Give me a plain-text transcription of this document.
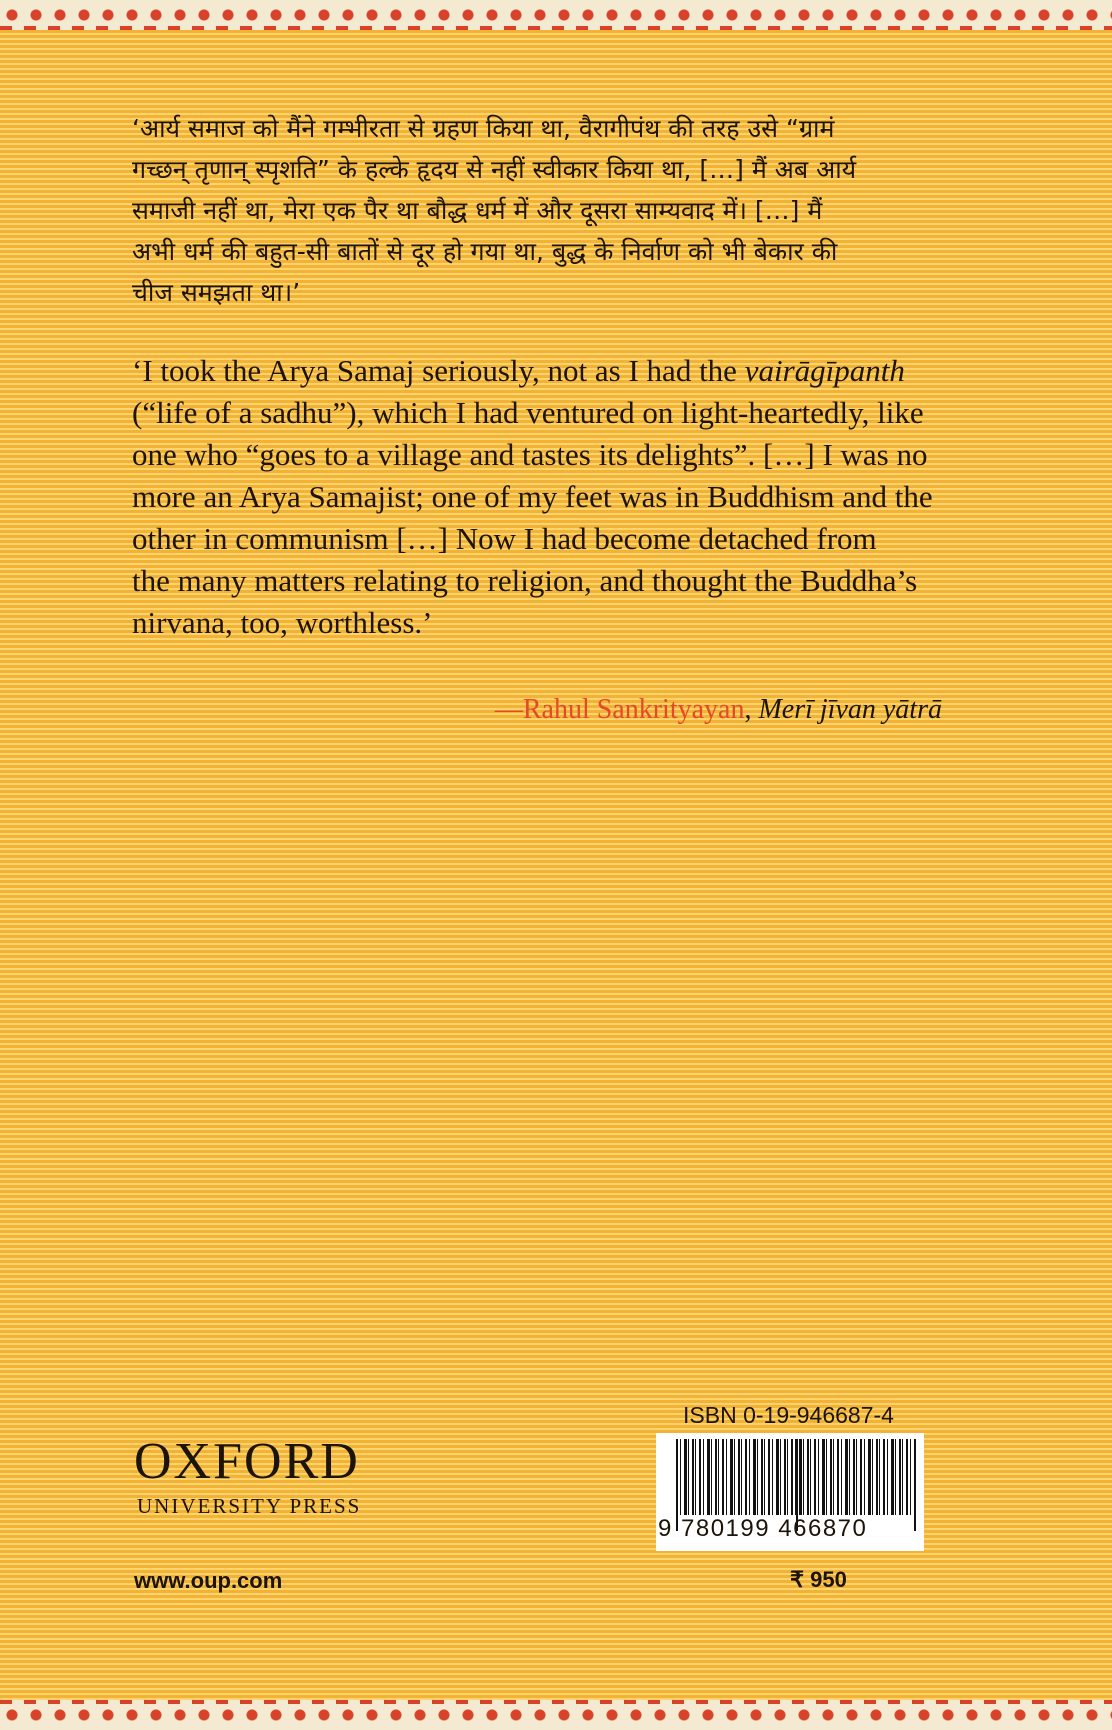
‘आर्य समाज को मैंने गम्भीरता से ग्रहण किया था, वैरागीपंथ की तरह उसे “ग्रामं
गच्छन् तृणान् स्पृशति” के हल्के हृदय से नहीं स्वीकार किया था, […] मैं अब आर्य
समाजी नहीं था, मेरा एक पैर था बौद्ध धर्म में और दूसरा साम्यवाद में। […] मैं
अभी धर्म की बहुत-सी बातों से दूर हो गया था, बुद्ध के निर्वाण को भी बेकार की
चीज समझता था।’
‘I took the Arya Samaj seriously, not as I had the vairāgīpanth
(“life of a sadhu”), which I had ventured on light-heartedly, like
one who “goes to a village and tastes its delights”. […] I was no
more an Arya Samajist; one of my feet was in Buddhism and the
other in communism […] Now I had become detached from
the many matters relating to religion, and thought the Buddha’s
nirvana, too, worthless.’

—Rahul Sankrityayan, Merī jīvan yātrā

OXFORD

UNIVERSITY PRESS

www.oup.com

ISBN 0-19-946687-4

9 780199 466870

₹ 950
